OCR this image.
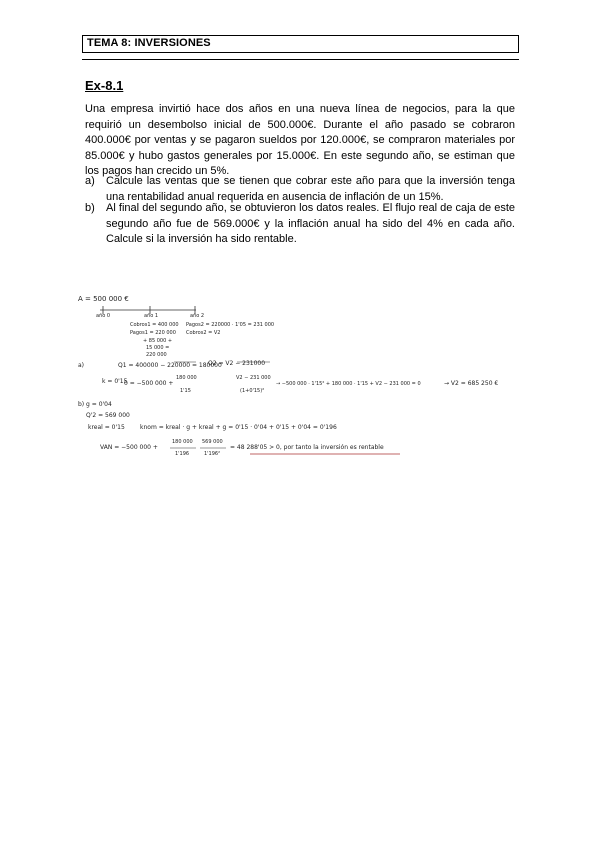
TEMA 8: INVERSIONES
Ex-8.1
Una empresa invirtió hace dos años en una nueva línea de negocios, para la que requirió un desembolso inicial de 500.000€. Durante el año pasado se cobraron 400.000€ por ventas y se pagaron sueldos por 120.000€, se compraron materiales por 85.000€ y hubo gastos generales por 15.000€. En este segundo año, se estiman que los pagos han crecido un 5%.
a) Calcule las ventas que se tienen que cobrar este año para que la inversión tenga una rentabilidad anual requerida en ausencia de inflación de un 15%.
b) Al final del segundo año, se obtuvieron los datos reales. El flujo real de caja de este segundo año fue de 569.000€ y la inflación anual ha sido del 4% en cada año. Calcule si la inversión ha sido rentable.
A = 500 000 €
año 0	año 1	año 2
Cobros1 = 400 000
Pagos1 = 220 000
+ 85 000 +
15 000 =
220 000
Pagos2 = 220000 · 1'05 = 231 000
Cobros2 = V2
a)	Q1 = 400000 − 220000 = 180000
Q2 = V2 − 231000
k = 0'15
0 = −500 000 +
180 000
1'15
V2 − 231 000
(1+0'15)²
→ −500 000 · 1'15² + 180 000 · 1'15 + V2 − 231 000 = 0	→ V2 = 685 250 €
b) g = 0'04
Q'2 = 569 000
kreal = 0'15	knom = kreal · g + kreal + g = 0'15 · 0'04 + 0'15 + 0'04 = 0'196
VAN = −500 000 +
180 000
1'196
569 000
1'196²
= 48 288'05 > 0, por tanto la inversión es rentable
